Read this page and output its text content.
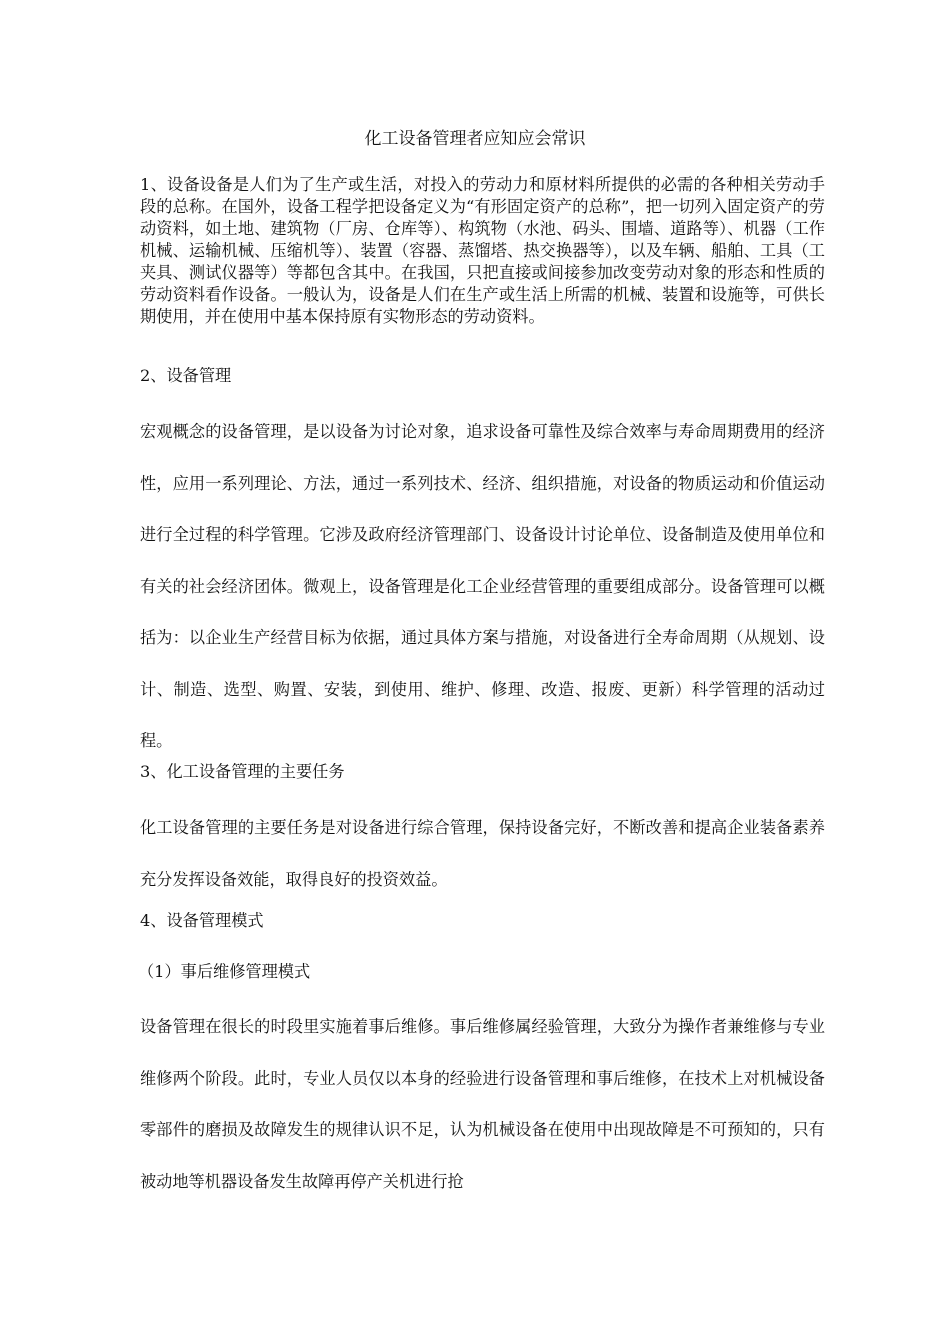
化工设备管理者应知应会常识
1、设备设备是人们为了生产或生活，对投入的劳动力和原材料所提供的必需的各种相关劳动手段的总称。在国外，设备工程学把设备定义为“有形固定资产的总称”，把一切列入固定资产的劳动资料，如土地、建筑物（厂房、仓库等）、构筑物（水池、码头、围墙、道路等）、机器（工作机械、运输机械、压缩机等）、装置（容器、蒸馏塔、热交换器等），以及车辆、船舶、工具（工夹具、测试仪器等）等都包含其中。在我国，只把直接或间接参加改变劳动对象的形态和性质的劳动资料看作设备。一般认为，设备是人们在生产或生活上所需的机械、装置和设施等，可供长期使用，并在使用中基本保持原有实物形态的劳动资料。
2、设备管理
宏观概念的设备管理，是以设备为讨论对象，追求设备可靠性及综合效率与寿命周期费用的经济性，应用一系列理论、方法，通过一系列技术、经济、组织措施，对设备的物质运动和价值运动进行全过程的科学管理。它涉及政府经济管理部门、设备设计讨论单位、设备制造及使用单位和有关的社会经济团体。微观上，设备管理是化工企业经营管理的重要组成部分。设备管理可以概括为：以企业生产经营目标为依据，通过具体方案与措施，对设备进行全寿命周期（从规划、设计、制造、选型、购置、安装，到使用、维护、修理、改造、报废、更新）科学管理的活动过程。
3、化工设备管理的主要任务
化工设备管理的主要任务是对设备进行综合管理，保持设备完好，不断改善和提高企业装备素养充分发挥设备效能，取得良好的投资效益。
4、设备管理模式
（1）事后维修管理模式
设备管理在很长的时段里实施着事后维修。事后维修属经验管理，大致分为操作者兼维修与专业维修两个阶段。此时，专业人员仅以本身的经验进行设备管理和事后维修，在技术上对机械设备零部件的磨损及故障发生的规律认识不足，认为机械设备在使用中出现故障是不可预知的，只有被动地等机器设备发生故障再停产关机进行抢
